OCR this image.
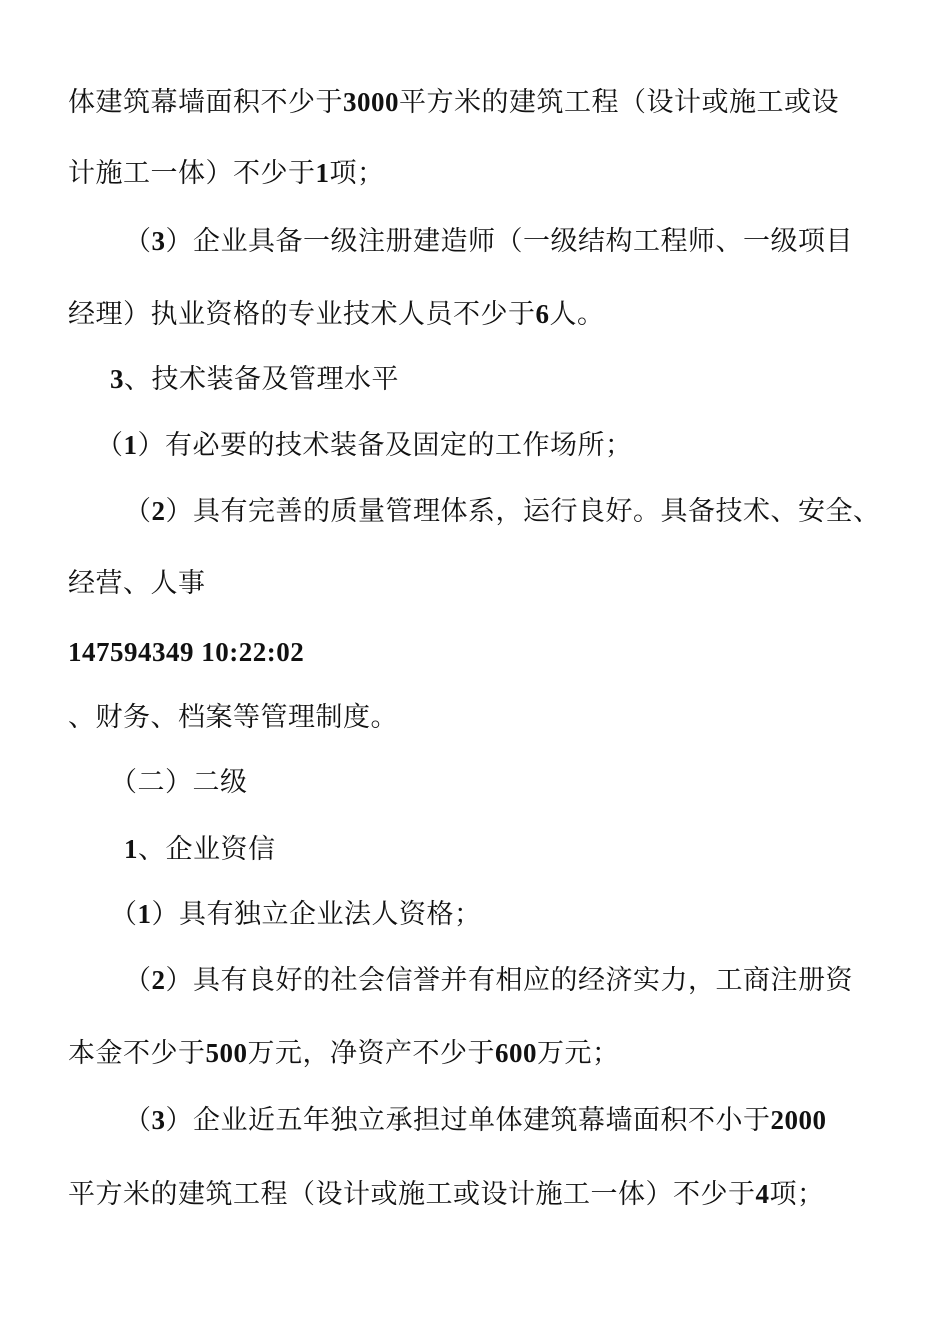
体建筑幕墙面积不少于3000平方米的建筑工程（设计或施工或设
计施工一体）不少于1项；
（3）企业具备一级注册建造师（一级结构工程师、一级项目
经理）执业资格的专业技术人员不少于6人。
3、技术装备及管理水平
（1）有必要的技术装备及固定的工作场所；
（2）具有完善的质量管理体系，运行良好。具备技术、安全、
经营、人事
147594349 10:22:02
、财务、档案等管理制度。
（二）二级
1、企业资信
（1）具有独立企业法人资格；
（2）具有良好的社会信誉并有相应的经济实力，工商注册资
本金不少于500万元，净资产不少于600万元；
（3）企业近五年独立承担过单体建筑幕墙面积不小于2000
平方米的建筑工程（设计或施工或设计施工一体）不少于4项；
